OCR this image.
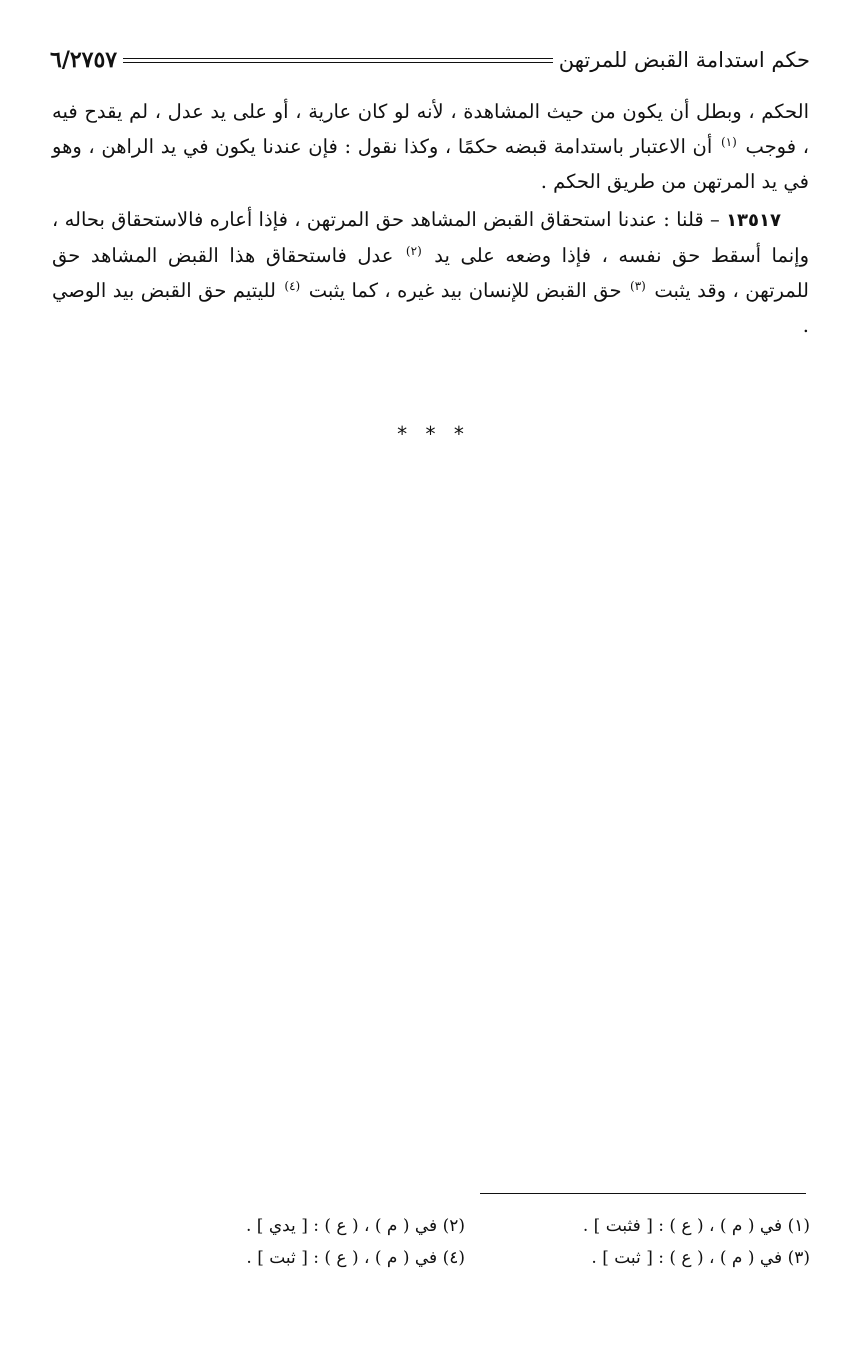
حكم استدامة القبض للمرتهن
٦/٢٧٥٧

الحكم ، وبطل أن يكون من حيث المشاهدة ، لأنه لو كان عارية ، أو على يد عدل ، لم يقدح فيه ، فوجب $^{(١)}$ أن الاعتبار باستدامة قبضه حكمًا ، وكذا نقول : فإن عندنا يكون في يد الراهن ، وهو في يد المرتهن من طريق الحكم .

١٣٥١٧ – قلنا : عندنا استحقاق القبض المشاهد حق المرتهن ، فإذا أعاره فالاستحقاق بحاله ، وإنما أسقط حق نفسه ، فإذا وضعه على يد $^{(٢)}$ عدل فاستحقاق هذا القبض المشاهد حق للمرتهن ، وقد يثبت $^{(٣)}$ حق القبض للإنسان بيد غيره ، كما يثبت $^{(٤)}$ لليتيم حق القبض بيد الوصي .

* * *
(١) في ( م ) ، ( ع ) : [ فثبت ] .
(٢) في ( م ) ، ( ع ) : [ يدي ] .
(٣) في ( م ) ، ( ع ) : [ ثبت ] .
(٤) في ( م ) ، ( ع ) : [ ثبت ] .
